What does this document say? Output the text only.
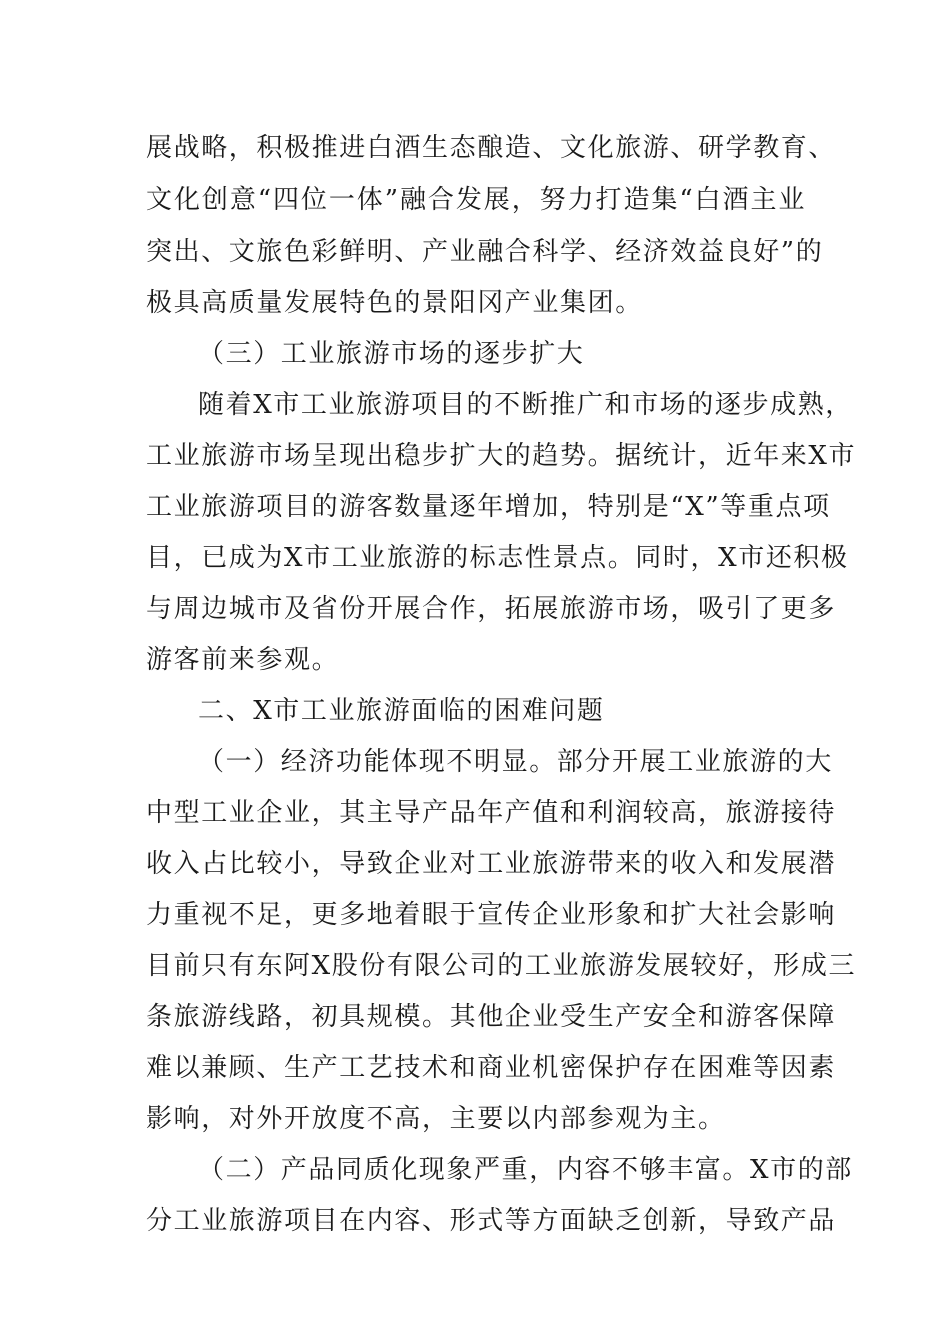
展战略，积极推进白酒生态酿造、文化旅游、研学教育、
文化创意“四位一体”融合发展，努力打造集“白酒主业
突出、文旅色彩鲜明、产业融合科学、经济效益良好”的
极具高质量发展特色的景阳冈产业集团。
（三）工业旅游市场的逐步扩大
随着X市工业旅游项目的不断推广和市场的逐步成熟，
工业旅游市场呈现出稳步扩大的趋势。据统计，近年来X市
工业旅游项目的游客数量逐年增加，特别是“X”等重点项
目，已成为X市工业旅游的标志性景点。同时，X市还积极
与周边城市及省份开展合作，拓展旅游市场，吸引了更多
游客前来参观。
二、X市工业旅游面临的困难问题
（一）经济功能体现不明显。部分开展工业旅游的大
中型工业企业，其主导产品年产值和利润较高，旅游接待
收入占比较小，导致企业对工业旅游带来的收入和发展潜
力重视不足，更多地着眼于宣传企业形象和扩大社会影响
目前只有东阿X股份有限公司的工业旅游发展较好，形成三
条旅游线路，初具规模。其他企业受生产安全和游客保障
难以兼顾、生产工艺技术和商业机密保护存在困难等因素
影响，对外开放度不高，主要以内部参观为主。
（二）产品同质化现象严重，内容不够丰富。X市的部
分工业旅游项目在内容、形式等方面缺乏创新，导致产品
